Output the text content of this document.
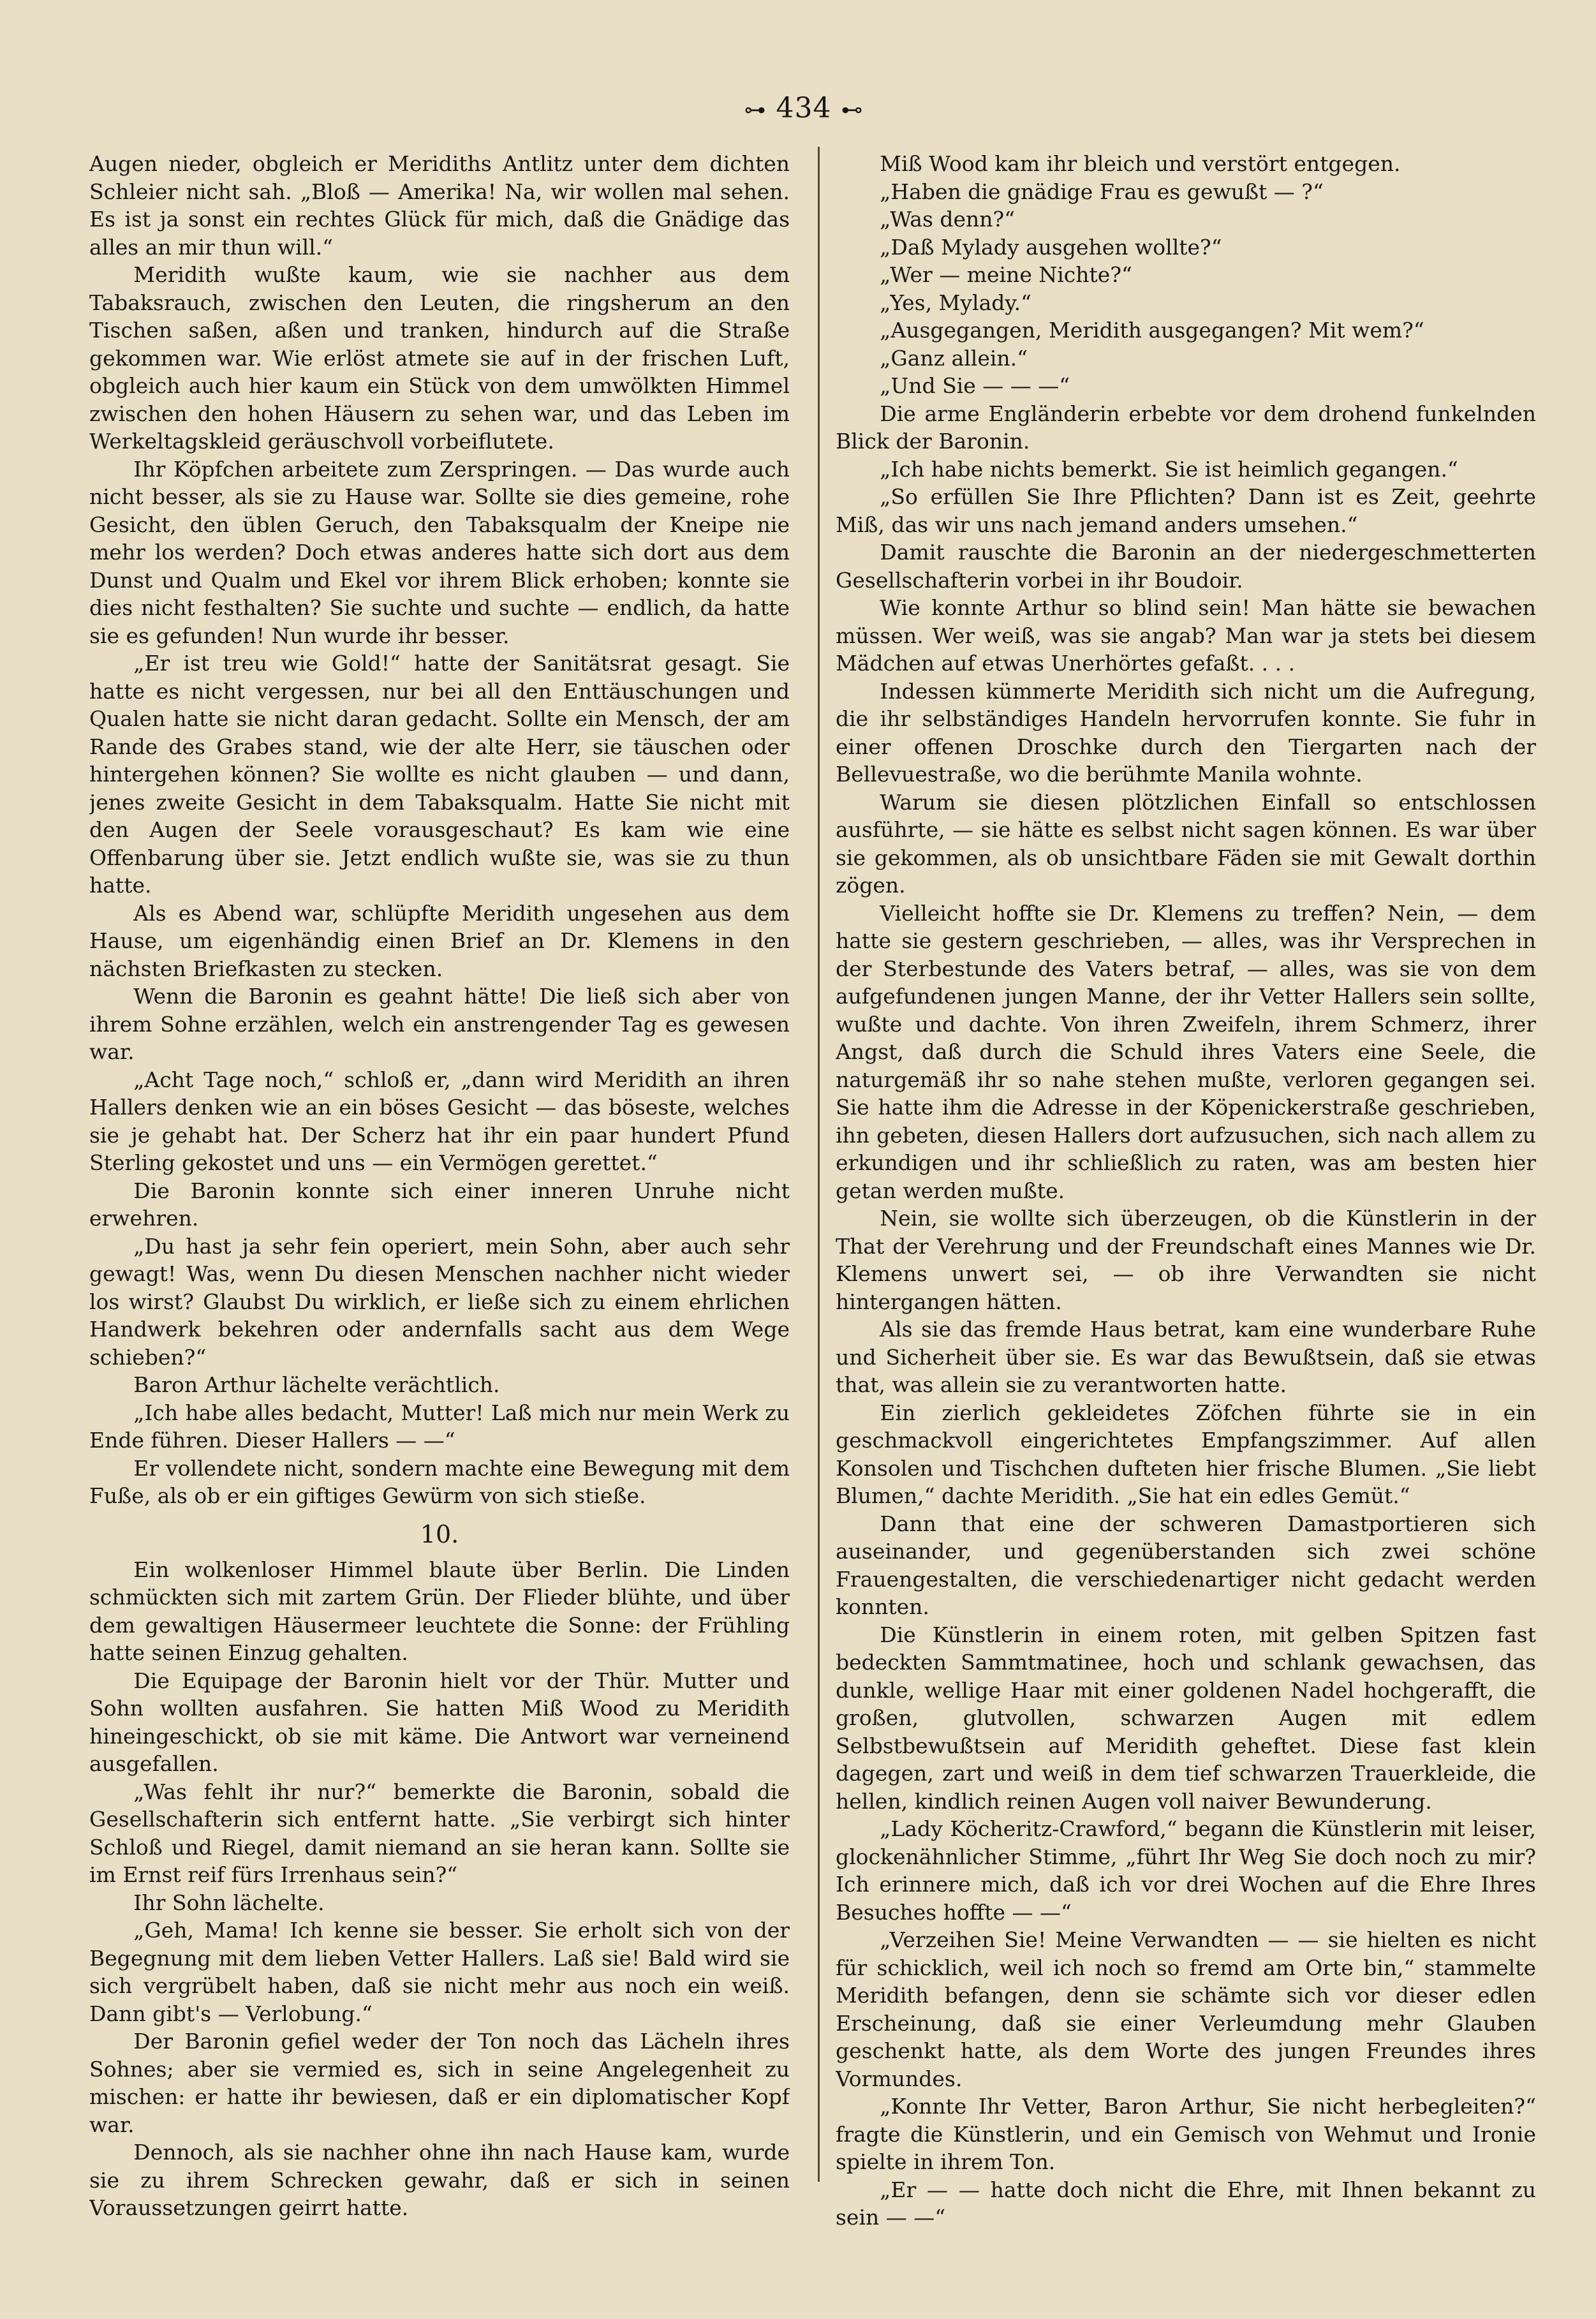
⊶ 434 ⊷

Augen nieder, obgleich er Meridiths Antlitz unter dem dichten Schleier nicht sah. „Bloß — Amerika! Na, wir wollen mal sehen. Es ist ja sonst ein rechtes Glück für mich, daß die Gnädige das alles an mir thun will.“

Meridith wußte kaum, wie sie nachher aus dem Tabaksrauch, zwischen den Leuten, die ringsherum an den Tischen saßen, aßen und tranken, hindurch auf die Straße gekommen war. Wie erlöst atmete sie auf in der frischen Luft, obgleich auch hier kaum ein Stück von dem umwölkten Himmel zwischen den hohen Häusern zu sehen war, und das Leben im Werkeltagskleid geräuschvoll vorbeiflutete.

Ihr Köpfchen arbeitete zum Zerspringen. — Das wurde auch nicht besser, als sie zu Hause war. Sollte sie dies gemeine, rohe Gesicht, den üblen Geruch, den Tabaksqualm der Kneipe nie mehr los werden? Doch etwas anderes hatte sich dort aus dem Dunst und Qualm und Ekel vor ihrem Blick erhoben; konnte sie dies nicht festhalten? Sie suchte und suchte — endlich, da hatte sie es gefunden! Nun wurde ihr besser.

„Er ist treu wie Gold!“ hatte der Sanitätsrat gesagt. Sie hatte es nicht vergessen, nur bei all den Enttäuschungen und Qualen hatte sie nicht daran gedacht. Sollte ein Mensch, der am Rande des Grabes stand, wie der alte Herr, sie täuschen oder hintergehen können? Sie wollte es nicht glauben — und dann, jenes zweite Gesicht in dem Tabaksqualm. Hatte Sie nicht mit den Augen der Seele vorausgeschaut? Es kam wie eine Offenbarung über sie. Jetzt endlich wußte sie, was sie zu thun hatte.

Als es Abend war, schlüpfte Meridith ungesehen aus dem Hause, um eigenhändig einen Brief an Dr. Klemens in den nächsten Briefkasten zu stecken.

Wenn die Baronin es geahnt hätte! Die ließ sich aber von ihrem Sohne erzählen, welch ein anstrengender Tag es gewesen war.

„Acht Tage noch,“ schloß er, „dann wird Meridith an ihren Hallers denken wie an ein böses Gesicht — das böseste, welches sie je gehabt hat. Der Scherz hat ihr ein paar hundert Pfund Sterling gekostet und uns — ein Vermögen gerettet.“

Die Baronin konnte sich einer inneren Unruhe nicht erwehren.

„Du hast ja sehr fein operiert, mein Sohn, aber auch sehr gewagt! Was, wenn Du diesen Menschen nachher nicht wieder los wirst? Glaubst Du wirklich, er ließe sich zu einem ehrlichen Handwerk bekehren oder andernfalls sacht aus dem Wege schieben?“

Baron Arthur lächelte verächtlich.

„Ich habe alles bedacht, Mutter! Laß mich nur mein Werk zu Ende führen. Dieser Hallers — —“

Er vollendete nicht, sondern machte eine Bewegung mit dem Fuße, als ob er ein giftiges Gewürm von sich stieße.

10.

Ein wolkenloser Himmel blaute über Berlin. Die Linden schmückten sich mit zartem Grün. Der Flieder blühte, und über dem gewaltigen Häusermeer leuchtete die Sonne: der Frühling hatte seinen Einzug gehalten.

Die Equipage der Baronin hielt vor der Thür. Mutter und Sohn wollten ausfahren. Sie hatten Miß Wood zu Meridith hineingeschickt, ob sie mit käme. Die Antwort war verneinend ausgefallen.

„Was fehlt ihr nur?“ bemerkte die Baronin, sobald die Gesellschafterin sich entfernt hatte. „Sie verbirgt sich hinter Schloß und Riegel, damit niemand an sie heran kann. Sollte sie im Ernst reif fürs Irrenhaus sein?“

Ihr Sohn lächelte.

„Geh, Mama! Ich kenne sie besser. Sie erholt sich von der Begegnung mit dem lieben Vetter Hallers. Laß sie! Bald wird sie sich vergrübelt haben, daß sie nicht mehr aus noch ein weiß. Dann gibt's — Verlobung.“

Der Baronin gefiel weder der Ton noch das Lächeln ihres Sohnes; aber sie vermied es, sich in seine Angelegenheit zu mischen: er hatte ihr bewiesen, daß er ein diplomatischer Kopf war.

Dennoch, als sie nachher ohne ihn nach Hause kam, wurde sie zu ihrem Schrecken gewahr, daß er sich in seinen Voraussetzungen geirrt hatte.

Miß Wood kam ihr bleich und verstört entgegen.

„Haben die gnädige Frau es gewußt — ?“

„Was denn?“

„Daß Mylady ausgehen wollte?“

„Wer — meine Nichte?“

„Yes, Mylady.“

„Ausgegangen, Meridith ausgegangen? Mit wem?“

„Ganz allein.“

„Und Sie — — —“

Die arme Engländerin erbebte vor dem drohend funkelnden Blick der Baronin.

„Ich habe nichts bemerkt. Sie ist heimlich gegangen.“

„So erfüllen Sie Ihre Pflichten? Dann ist es Zeit, geehrte Miß, das wir uns nach jemand anders umsehen.“

Damit rauschte die Baronin an der niedergeschmetterten Gesellschafterin vorbei in ihr Boudoir.

Wie konnte Arthur so blind sein! Man hätte sie bewachen müssen. Wer weiß, was sie angab? Man war ja stets bei diesem Mädchen auf etwas Unerhörtes gefaßt. . . .

Indessen kümmerte Meridith sich nicht um die Aufregung, die ihr selbständiges Handeln hervorrufen konnte. Sie fuhr in einer offenen Droschke durch den Tiergarten nach der Bellevuestraße, wo die berühmte Manila wohnte.

Warum sie diesen plötzlichen Einfall so entschlossen ausführte, — sie hätte es selbst nicht sagen können. Es war über sie gekommen, als ob unsichtbare Fäden sie mit Gewalt dorthin zögen.

Vielleicht hoffte sie Dr. Klemens zu treffen? Nein, — dem hatte sie gestern geschrieben, — alles, was ihr Versprechen in der Sterbestunde des Vaters betraf, — alles, was sie von dem aufgefundenen jungen Manne, der ihr Vetter Hallers sein sollte, wußte und dachte. Von ihren Zweifeln, ihrem Schmerz, ihrer Angst, daß durch die Schuld ihres Vaters eine Seele, die naturgemäß ihr so nahe stehen mußte, verloren gegangen sei. Sie hatte ihm die Adresse in der Köpenickerstraße geschrieben, ihn gebeten, diesen Hallers dort aufzusuchen, sich nach allem zu erkundigen und ihr schließlich zu raten, was am besten hier getan werden mußte.

Nein, sie wollte sich überzeugen, ob die Künstlerin in der That der Verehrung und der Freundschaft eines Mannes wie Dr. Klemens unwert sei, — ob ihre Verwandten sie nicht hintergangen hätten.

Als sie das fremde Haus betrat, kam eine wunderbare Ruhe und Sicherheit über sie. Es war das Bewußtsein, daß sie etwas that, was allein sie zu verantworten hatte.

Ein zierlich gekleidetes Zöfchen führte sie in ein geschmackvoll eingerichtetes Empfangszimmer. Auf allen Konsolen und Tischchen dufteten hier frische Blumen. „Sie liebt Blumen,“ dachte Meridith. „Sie hat ein edles Gemüt.“

Dann that eine der schweren Damastportieren sich auseinander, und gegenüberstanden sich zwei schöne Frauengestalten, die verschiedenartiger nicht gedacht werden konnten.

Die Künstlerin in einem roten, mit gelben Spitzen fast bedeckten Sammtmatinee, hoch und schlank gewachsen, das dunkle, wellige Haar mit einer goldenen Nadel hochgerafft, die großen, glutvollen, schwarzen Augen mit edlem Selbstbewußtsein auf Meridith geheftet. Diese fast klein dagegen, zart und weiß in dem tief schwarzen Trauerkleide, die hellen, kindlich reinen Augen voll naiver Bewunderung.

„Lady Köcheritz-Crawford,“ begann die Künstlerin mit leiser, glockenähnlicher Stimme, „führt Ihr Weg Sie doch noch zu mir? Ich erinnere mich, daß ich vor drei Wochen auf die Ehre Ihres Besuches hoffte — —“

„Verzeihen Sie! Meine Verwandten — — sie hielten es nicht für schicklich, weil ich noch so fremd am Orte bin,“ stammelte Meridith befangen, denn sie schämte sich vor dieser edlen Erscheinung, daß sie einer Verleumdung mehr Glauben geschenkt hatte, als dem Worte des jungen Freundes ihres Vormundes.

„Konnte Ihr Vetter, Baron Arthur, Sie nicht herbegleiten?“ fragte die Künstlerin, und ein Gemisch von Wehmut und Ironie spielte in ihrem Ton.

„Er — — hatte doch nicht die Ehre, mit Ihnen bekannt zu sein — —“
